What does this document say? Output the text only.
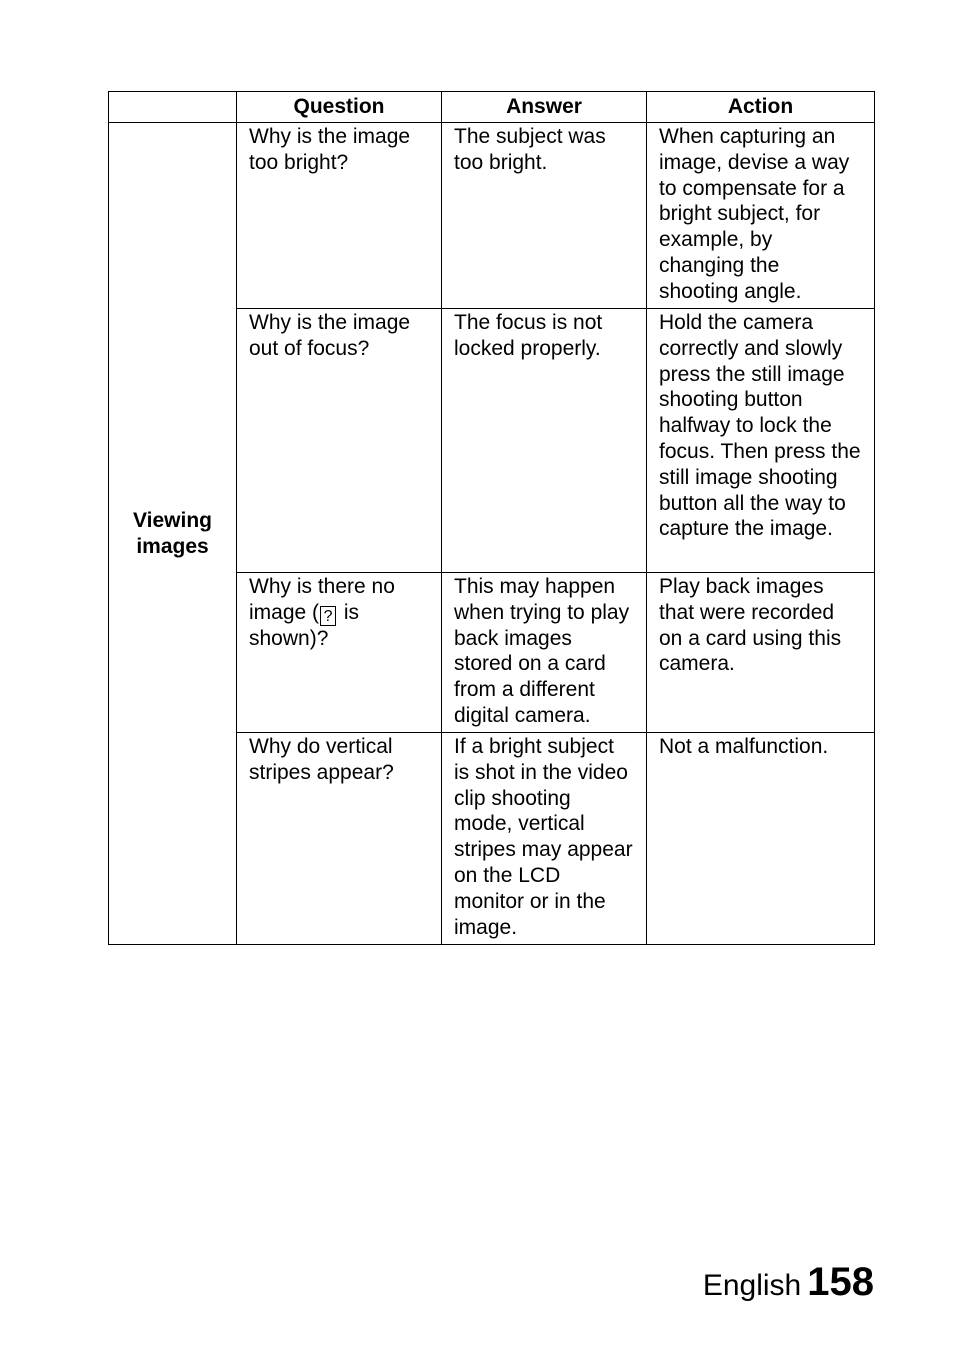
	Question	Answer	Action
Viewing images	Why is the image too bright?	The subject was too bright.	When capturing an image, devise a way to compensate for a bright subject, for example, by changing the shooting angle.
	Why is the image out of focus?	The focus is not locked properly.	Hold the camera correctly and slowly press the still image shooting button halfway to lock the focus. Then press the still image shooting button all the way to capture the image.
	Why is there no image ( ? is shown)?	This may happen when trying to play back images stored on a card from a different digital camera.	Play back images that were recorded on a card using this camera.
	Why do vertical stripes appear?	If a bright subject is shot in the video clip shooting mode, vertical stripes may appear on the LCD monitor or in the image.	Not a malfunction.
English 158
